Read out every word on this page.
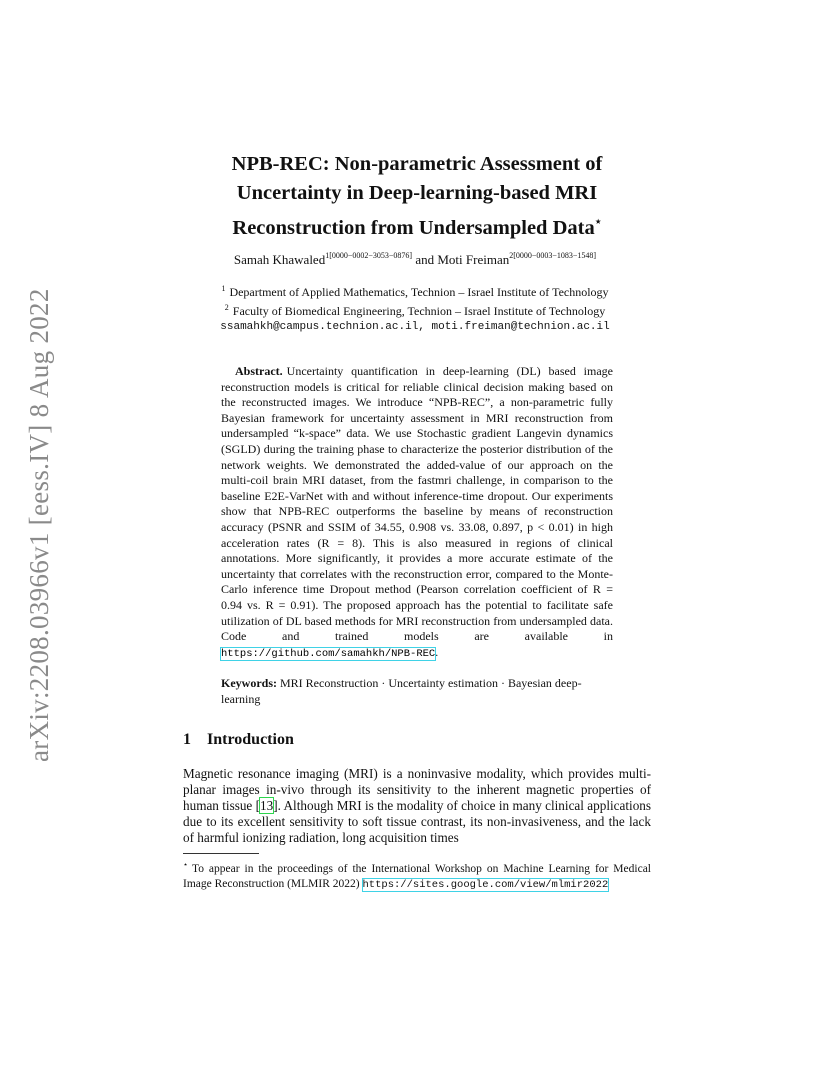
arXiv:2208.03966v1 [eess.IV] 8 Aug 2022
NPB-REC: Non-parametric Assessment of
Uncertainty in Deep-learning-based MRI
Reconstruction from Undersampled Data⋆
Samah Khawaled$^{1[0000-0002-3053-0876]}$ and Moti Freiman$^{2[0000-0003-1083-1548]}$
$^1$ Department of Applied Mathematics, Technion – Israel Institute of Technology
$^2$ Faculty of Biomedical Engineering, Technion – Israel Institute of Technology
ssamahkh@campus.technion.ac.il, moti.freiman@technion.ac.il
Abstract. Uncertainty quantification in deep-learning (DL) based image reconstruction models is critical for reliable clinical decision making based on the reconstructed images. We introduce “NPB-REC”, a non-parametric fully Bayesian framework for uncertainty assessment in MRI reconstruction from undersampled “k-space” data. We use Stochastic gradient Langevin dynamics (SGLD) during the training phase to characterize the posterior distribution of the network weights. We demonstrated the added-value of our approach on the multi-coil brain MRI dataset, from the fastmri challenge, in comparison to the baseline E2E-VarNet with and without inference-time dropout. Our experiments show that NPB-REC outperforms the baseline by means of reconstruction accuracy (PSNR and SSIM of 34.55, 0.908 vs. 33.08, 0.897, p < 0.01) in high acceleration rates (R = 8). This is also measured in regions of clinical annotations. More significantly, it provides a more accurate estimate of the uncertainty that correlates with the reconstruction error, compared to the Monte-Carlo inference time Dropout method (Pearson correlation coefficient of R = 0.94 vs. R = 0.91). The proposed approach has the potential to facilitate safe utilization of DL based methods for MRI reconstruction from undersampled data. Code and trained models are available in https://github.com/samahkh/NPB-REC.
Keywords: MRI Reconstruction · Uncertainty estimation · Bayesian deep-learning
1 Introduction
Magnetic resonance imaging (MRI) is a noninvasive modality, which provides multi-planar images in-vivo through its sensitivity to the inherent magnetic properties of human tissue [13]. Although MRI is the modality of choice in many clinical applications due to its excellent sensitivity to soft tissue contrast, its non-invasiveness, and the lack of harmful ionizing radiation, long acquisition times
⋆ To appear in the proceedings of the International Workshop on Machine Learning for Medical Image Reconstruction (MLMIR 2022) https://sites.google.com/view/mlmir2022
